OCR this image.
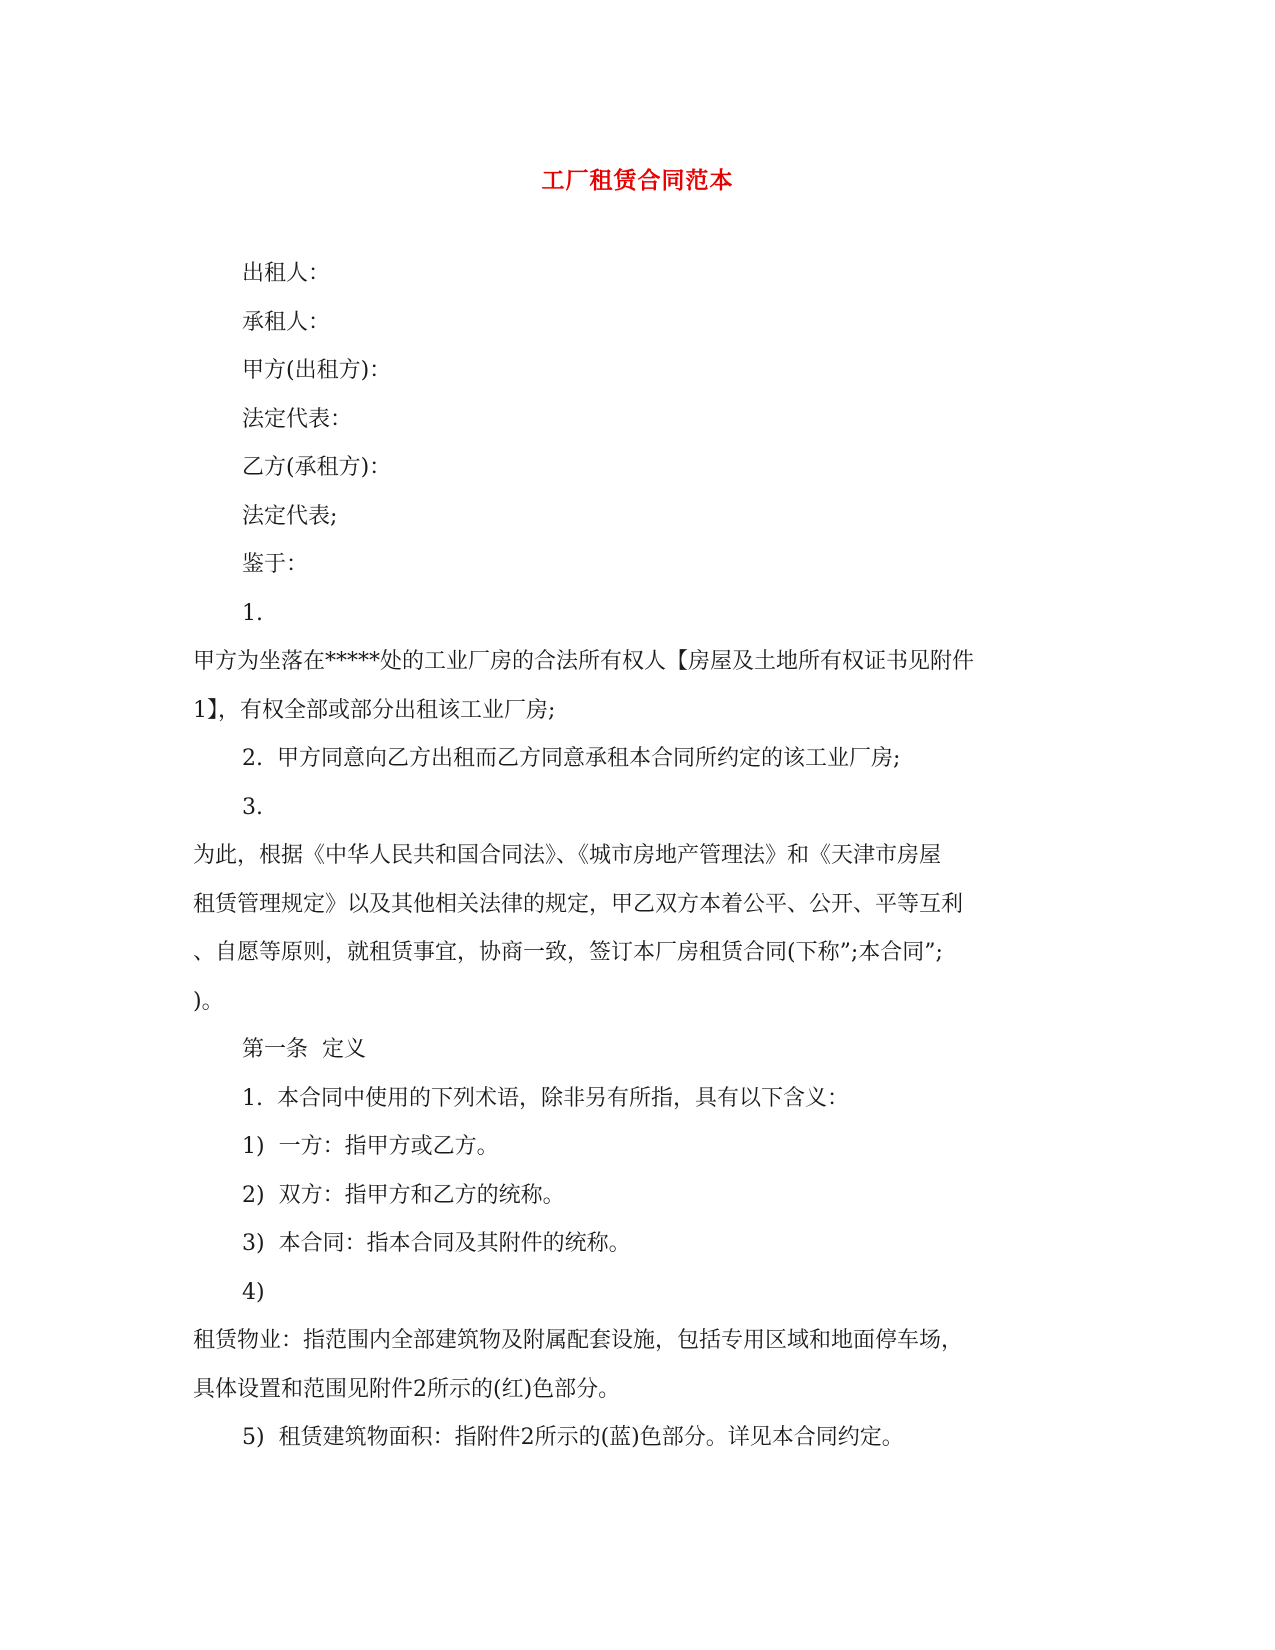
工厂租赁合同范本

出租人：

承租人：

甲方(出租方)：

法定代表：

乙方(承租方)：

法定代表;

鉴于：

1.

甲方为坐落在*****处的工业厂房的合法所有权人【房屋及土地所有权证书见附件

1】，有权全部或部分出租该工业厂房;

2.  甲方同意向乙方出租而乙方同意承租本合同所约定的该工业厂房;

3.

为此，根据《中华人民共和国合同法》、《城市房地产管理法》和《天津市房屋

租赁管理规定》以及其他相关法律的规定，甲乙双方本着公平、公开、平等互利

、自愿等原则，就租赁事宜，协商一致，签订本厂房租赁合同(下称”;本合同”;

)。

第一条  定义

1.  本合同中使用的下列术语，除非另有所指，具有以下含义：

1)  一方：指甲方或乙方。

2)  双方：指甲方和乙方的统称。

3)  本合同：指本合同及其附件的统称。

4)

租赁物业：指范围内全部建筑物及附属配套设施，包括专用区域和地面停车场，

具体设置和范围见附件2所示的(红)色部分。

5)  租赁建筑物面积：指附件2所示的(蓝)色部分。详见本合同约定。
